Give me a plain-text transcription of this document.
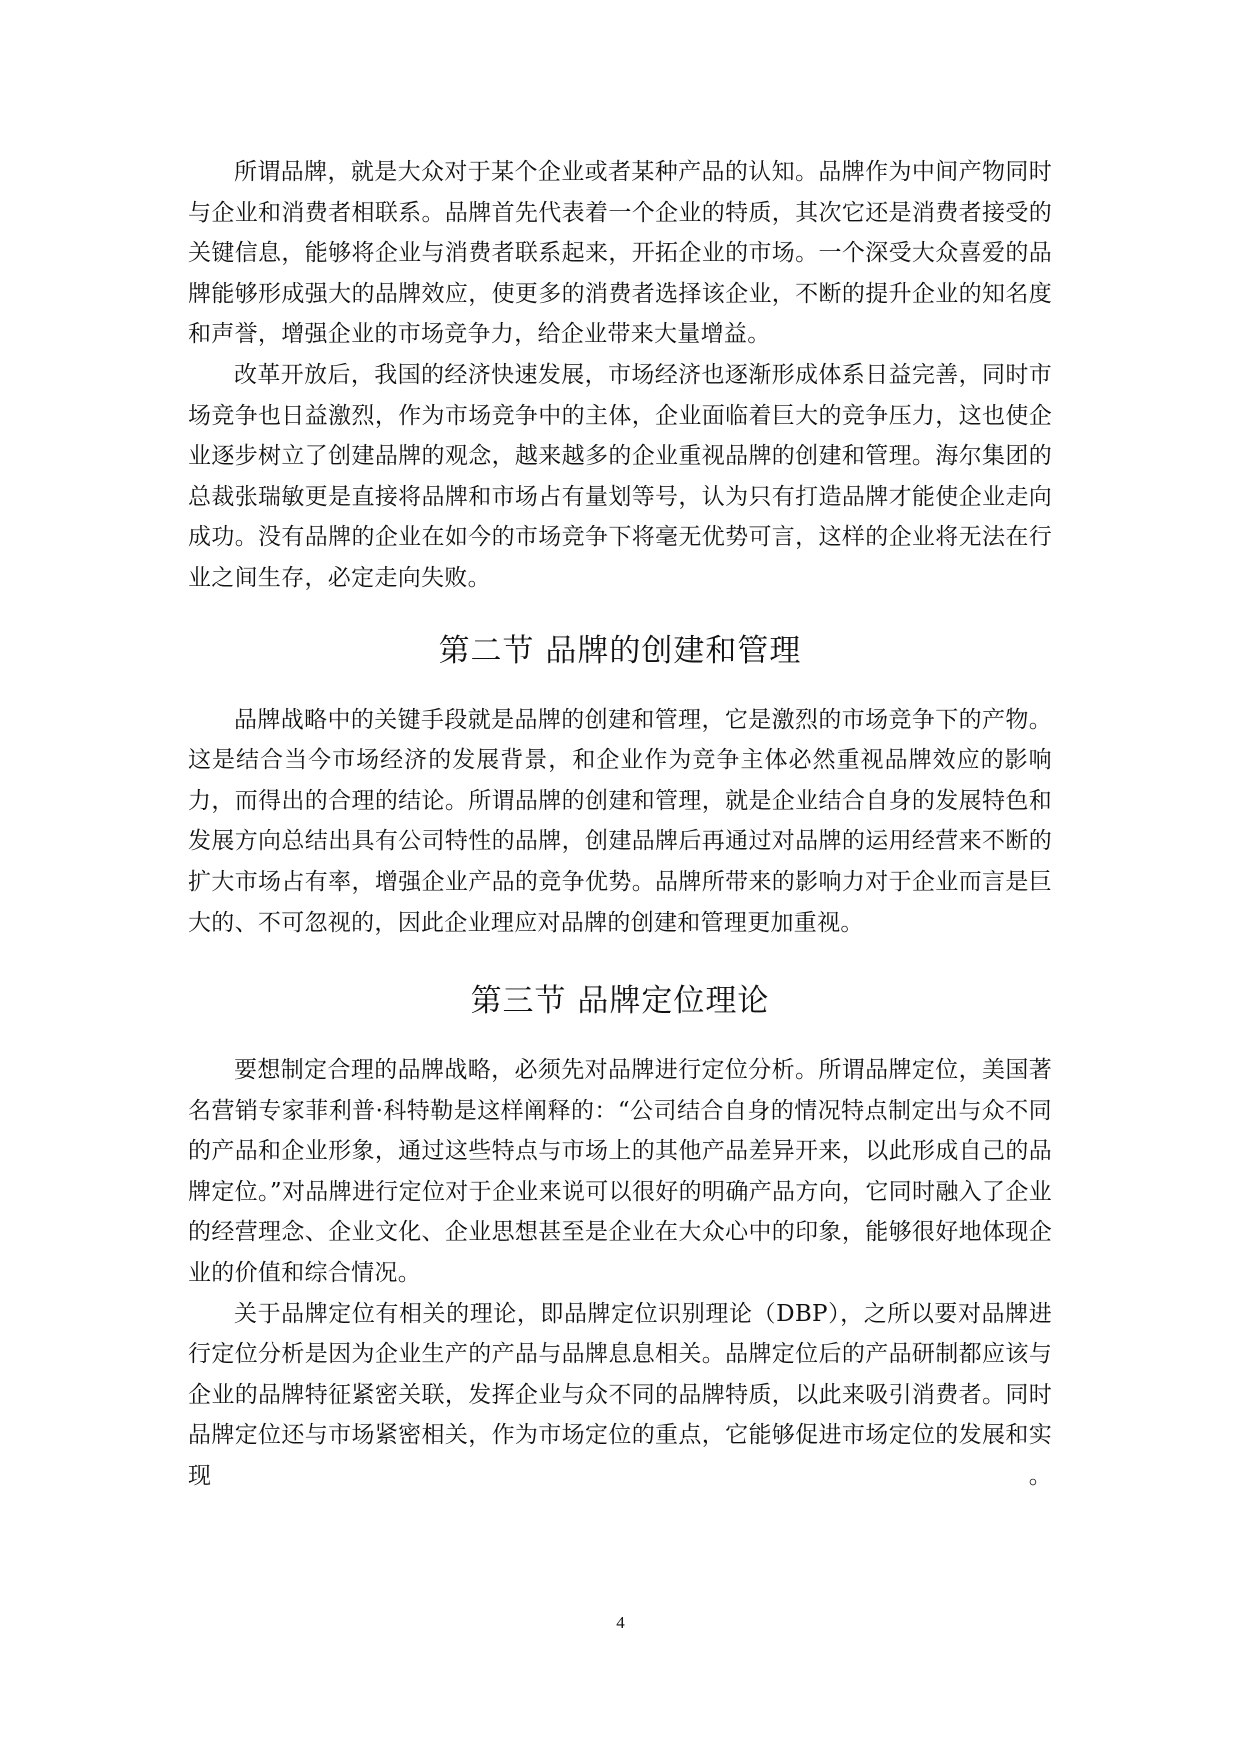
所谓品牌，就是大众对于某个企业或者某种产品的认知。品牌作为中间产物同时与企业和消费者相联系。品牌首先代表着一个企业的特质，其次它还是消费者接受的关键信息，能够将企业与消费者联系起来，开拓企业的市场。一个深受大众喜爱的品牌能够形成强大的品牌效应，使更多的消费者选择该企业，不断的提升企业的知名度和声誉，增强企业的市场竞争力，给企业带来大量增益。

改革开放后，我国的经济快速发展，市场经济也逐渐形成体系日益完善，同时市场竞争也日益激烈，作为市场竞争中的主体，企业面临着巨大的竞争压力，这也使企业逐步树立了创建品牌的观念，越来越多的企业重视品牌的创建和管理。海尔集团的总裁张瑞敏更是直接将品牌和市场占有量划等号，认为只有打造品牌才能使企业走向成功。没有品牌的企业在如今的市场竞争下将毫无优势可言，这样的企业将无法在行业之间生存，必定走向失败。

第二节 品牌的创建和管理

品牌战略中的关键手段就是品牌的创建和管理，它是激烈的市场竞争下的产物。这是结合当今市场经济的发展背景，和企业作为竞争主体必然重视品牌效应的影响力，而得出的合理的结论。所谓品牌的创建和管理，就是企业结合自身的发展特色和发展方向总结出具有公司特性的品牌，创建品牌后再通过对品牌的运用经营来不断的扩大市场占有率，增强企业产品的竞争优势。品牌所带来的影响力对于企业而言是巨大的、不可忽视的，因此企业理应对品牌的创建和管理更加重视。

第三节 品牌定位理论

要想制定合理的品牌战略，必须先对品牌进行定位分析。所谓品牌定位，美国著名营销专家菲利普·科特勒是这样阐释的：“公司结合自身的情况特点制定出与众不同的产品和企业形象，通过这些特点与市场上的其他产品差异开来，以此形成自己的品牌定位。”对品牌进行定位对于企业来说可以很好的明确产品方向，它同时融入了企业的经营理念、企业文化、企业思想甚至是企业在大众心中的印象，能够很好地体现企业的价值和综合情况。

关于品牌定位有相关的理论，即品牌定位识别理论（DBP），之所以要对品牌进行定位分析是因为企业生产的产品与品牌息息相关。品牌定位后的产品研制都应该与企业的品牌特征紧密关联，发挥企业与众不同的品牌特质，以此来吸引消费者。同时品牌定位还与市场紧密相关，作为市场定位的重点，它能够促进市场定位的发展和实现。

4
